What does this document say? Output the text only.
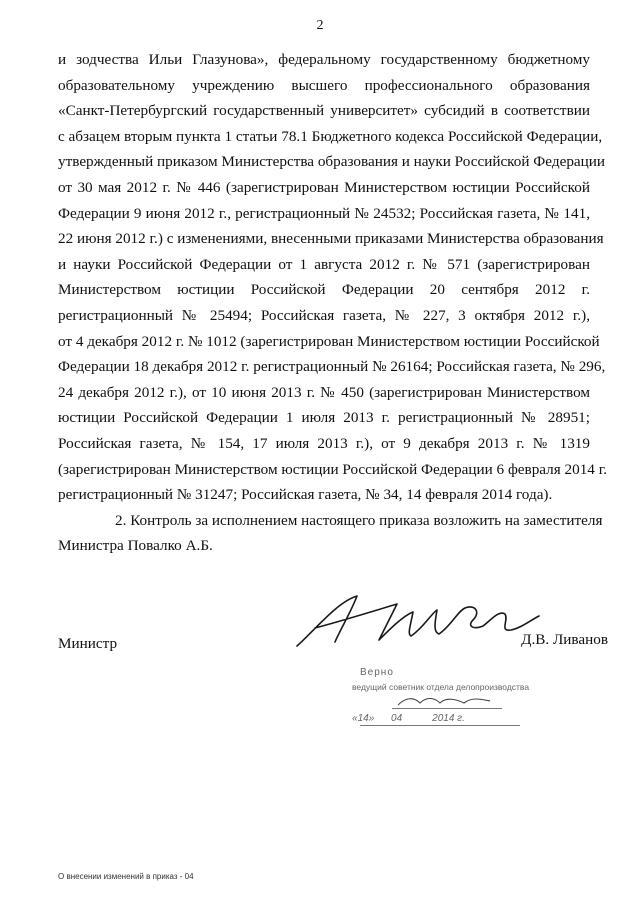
2
и зодчества Ильи Глазунова», федеральному государственному бюджетному
образовательному учреждению высшего профессионального образования
«Санкт-Петербургский государственный университет» субсидий в соответствии
с абзацем вторым пункта 1 статьи 78.1 Бюджетного кодекса Российской Федерации,
утвержденный приказом Министерства образования и науки Российской Федерации
от 30 мая 2012 г. № 446 (зарегистрирован Министерством юстиции Российской
Федерации 9 июня 2012 г., регистрационный № 24532; Российская газета, № 141,
22 июня 2012 г.) с изменениями, внесенными приказами Министерства образования
и науки Российской Федерации от 1 августа 2012 г. № 571 (зарегистрирован
Министерством юстиции Российской Федерации 20 сентября 2012 г.
регистрационный № 25494; Российская газета, № 227, 3 октября 2012 г.),
от 4 декабря 2012 г. № 1012 (зарегистрирован Министерством юстиции Российской
Федерации 18 декабря 2012 г. регистрационный № 26164; Российская газета, № 296,
24 декабря 2012 г.), от 10 июня 2013 г. № 450 (зарегистрирован Министерством
юстиции Российской Федерации 1 июля 2013 г. регистрационный № 28951;
Российская газета, № 154, 17 июля 2013 г.), от 9 декабря 2013 г. № 1319
(зарегистрирован Министерством юстиции Российской Федерации 6 февраля 2014 г.
регистрационный № 31247; Российская газета, № 34, 14 февраля 2014 года).
2. Контроль за исполнением настоящего приказа возложить на заместителя
Министра Повалко А.Б.
Министр	Д.В. Ливанов
Верно
ведущий советник отдела делопроизводства
«14» 04	2014 г.
О внесении изменений в приказ - 04
